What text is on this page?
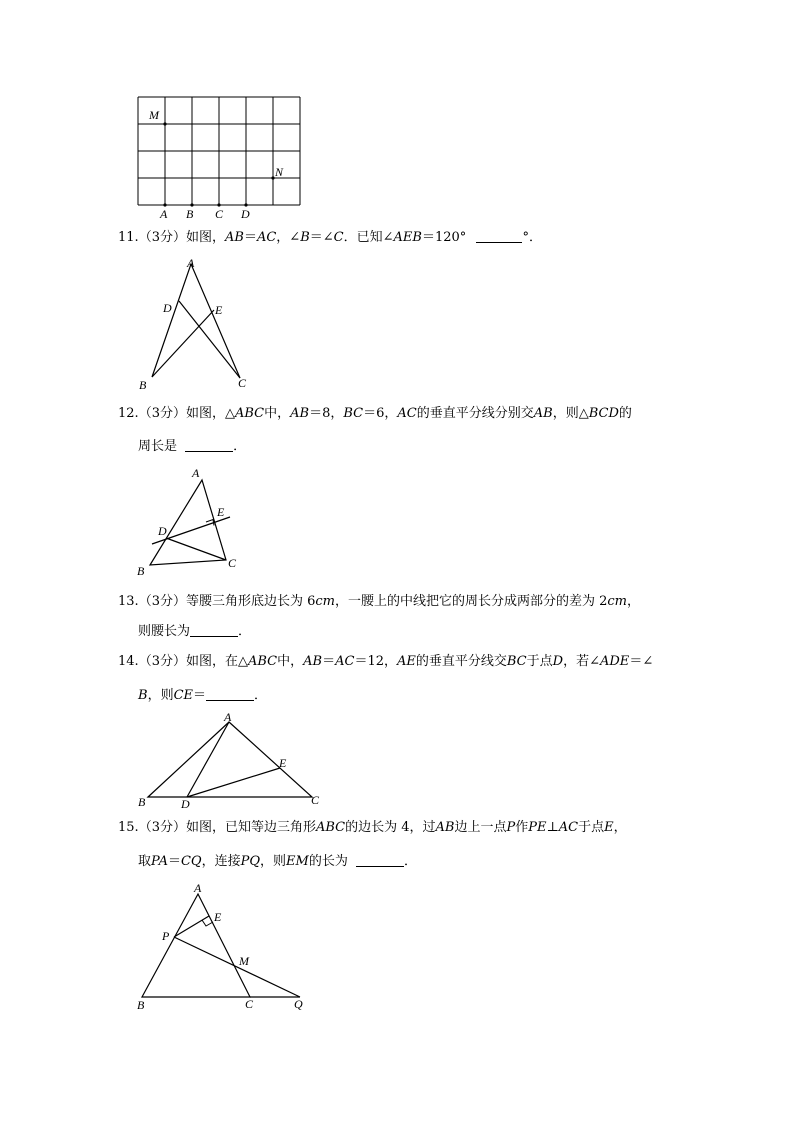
M
N
A B C D
11.（3分）如图，AB＝AC，∠B＝∠C．已知∠AEB＝120°	°．
A
D	E
B	C
12.（3分）如图，△ABC中，AB＝8，BC＝6，AC的垂直平分线分别交AB，则△BCD的
周长是	．
A
E
D
B
C
13.（3分）等腰三角形底边长为 6cm，一腰上的中线把它的周长分成两部分的差为 2cm，
则腰长为	．
14.（3分）如图，在△ABC中，AB＝AC＝12，AE的垂直平分线交BC于点D，若∠ADE＝∠
B，则CE＝	．
A
E
B	D	C
15.（3分）如图，已知等边三角形ABC的边长为 4，过AB边上一点P作PE⊥AC于点E，
取PA＝CQ，连接PQ，则EM的长为	．
A
E
P
M
B	C	Q
